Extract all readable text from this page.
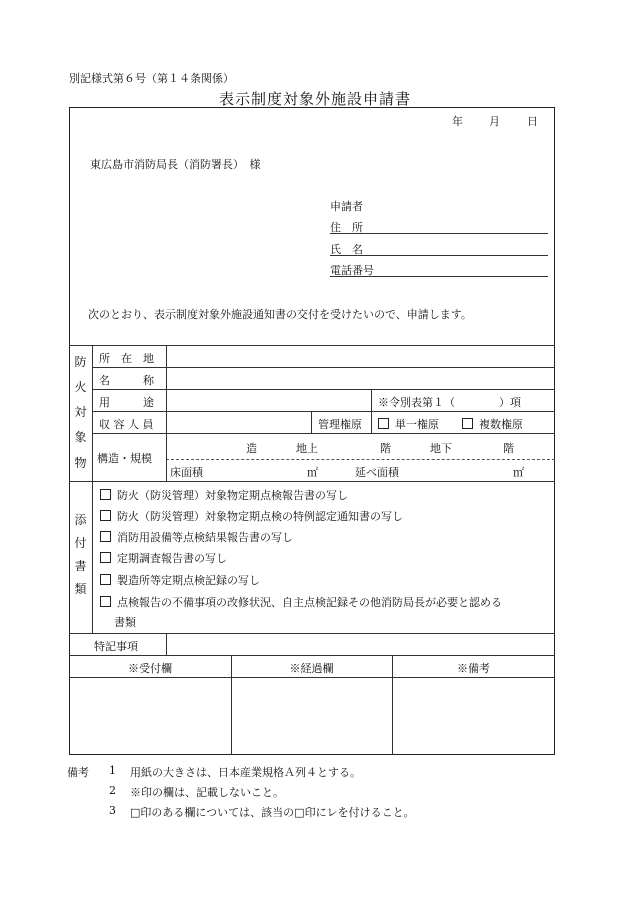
別記様式第６号（第１４条関係）
表示制度対象外施設申請書
年 月 日
東広島市消防局長（消防署長）　様
申請者
住　所
氏　名
電話番号
次のとおり、表示制度対象外施設通知書の交付を受けたいので、申請します。
防
火
対
象
物
所　在　地
名　　　称
用　　　途	※令別表第１（　　　　）項
収 容 人 員	管理権原	単一権原	複数権原
構造・規模
造	地上	階	地下	階
床面積	㎡	延べ面積	㎡
添
付
書
類
防火（防災管理）対象物定期点検報告書の写し
防火（防災管理）対象物定期点検の特例認定通知書の写し
消防用設備等点検結果報告書の写し
定期調査報告書の写し
製造所等定期点検記録の写し
点検報告の不備事項の改修状況、自主点検記録その他消防局長が必要と認める
書類
特記事項
※受付欄	※経過欄	※備考
備考 1 用紙の大きさは、日本産業規格Ａ列４とする。
2 ※印の欄は、記載しないこと。
3 □印のある欄については、該当の□印にレを付けること。
